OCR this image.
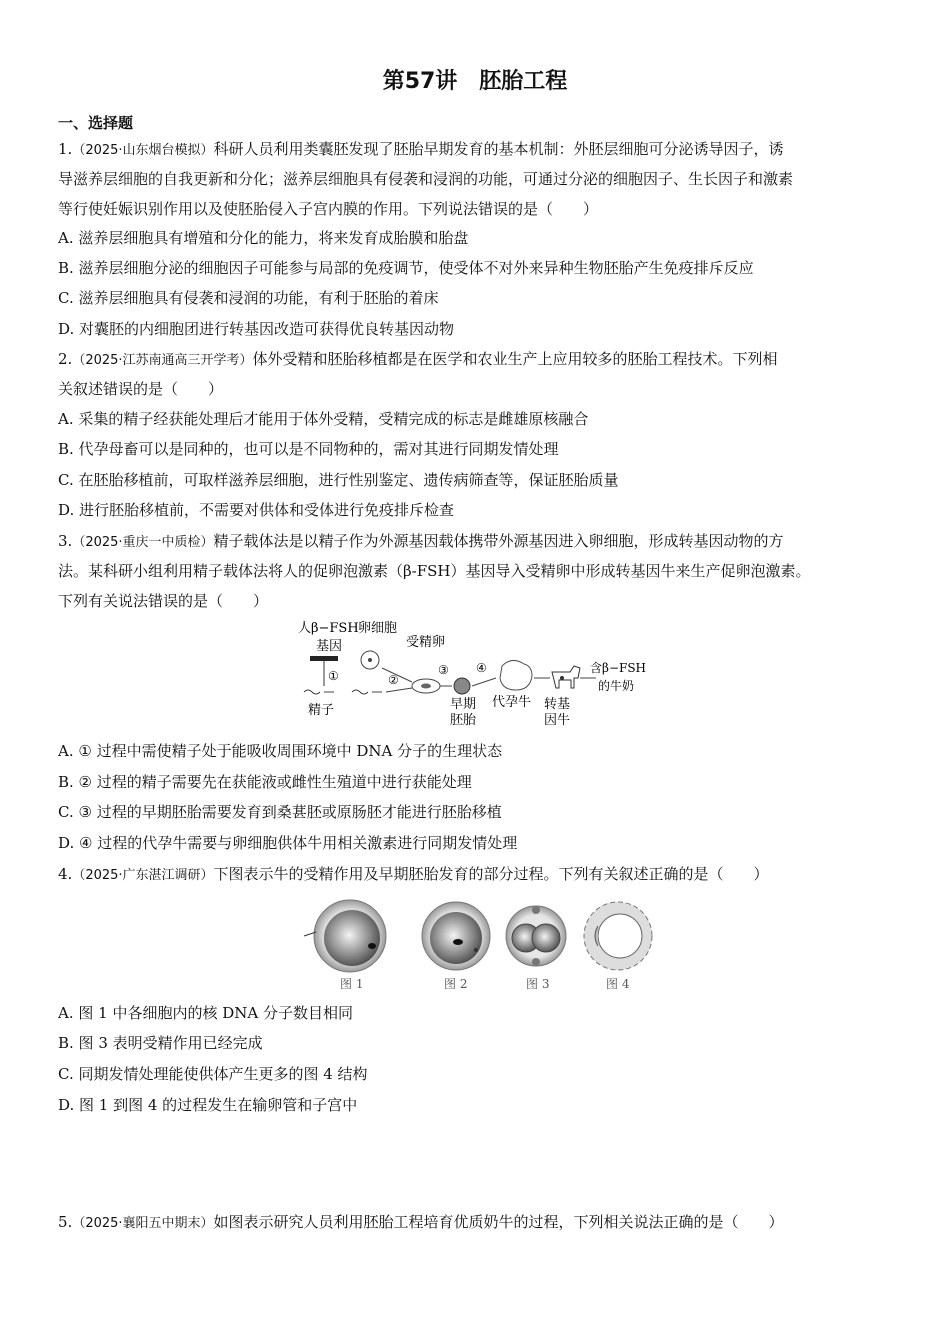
第57讲　胚胎工程
一、选择题
1.（2025·山东烟台模拟）科研人员利用类囊胚发现了胚胎早期发育的基本机制：外胚层细胞可分泌诱导因子，诱
导滋养层细胞的自我更新和分化；滋养层细胞具有侵袭和浸润的功能，可通过分泌的细胞因子、生长因子和激素
等行使妊娠识别作用以及使胚胎侵入子宫内膜的作用。下列说法错误的是（　　）
A. 滋养层细胞具有增殖和分化的能力，将来发育成胎膜和胎盘
B. 滋养层细胞分泌的细胞因子可能参与局部的免疫调节，使受体不对外来异种生物胚胎产生免疫排斥反应
C. 滋养层细胞具有侵袭和浸润的功能，有利于胚胎的着床
D. 对囊胚的内细胞团进行转基因改造可获得优良转基因动物
2.（2025·江苏南通高三开学考）体外受精和胚胎移植都是在医学和农业生产上应用较多的胚胎工程技术。下列相
关叙述错误的是（　　）
A. 采集的精子经获能处理后才能用于体外受精，受精完成的标志是雌雄原核融合
B. 代孕母畜可以是同种的，也可以是不同物种的，需对其进行同期发情处理
C. 在胚胎移植前，可取样滋养层细胞，进行性别鉴定、遗传病筛查等，保证胚胎质量
D. 进行胚胎移植前，不需要对供体和受体进行免疫排斥检查
3.（2025·重庆一中质检）精子载体法是以精子作为外源基因载体携带外源基因进入卵细胞，形成转基因动物的方
法。某科研小组利用精子载体法将人的促卵泡激素（β-FSH）基因导入受精卵中形成转基因牛来生产促卵泡激素。
下列有关说法错误的是（　　）
人β−FSH
基因
①
精子
卵细胞
②
受精卵
③
早期
胚胎
④
代孕牛 转基
因牛
含β−FSH
的牛奶
A. ① 过程中需使精子处于能吸收周围环境中 DNA 分子的生理状态
B. ② 过程的精子需要先在获能液或雌性生殖道中进行获能处理
C. ③ 过程的早期胚胎需要发育到桑葚胚或原肠胚才能进行胚胎移植
D. ④ 过程的代孕牛需要与卵细胞供体牛用相关激素进行同期发情处理
4.（2025·广东湛江调研）下图表示牛的受精作用及早期胚胎发育的部分过程。下列有关叙述正确的是（　　）
图 1	图 2	图 3	图 4
A. 图 1 中各细胞内的核 DNA 分子数目相同
B. 图 3 表明受精作用已经完成
C. 同期发情处理能使供体产生更多的图 4 结构
D. 图 1 到图 4 的过程发生在输卵管和子宫中
5.（2025·襄阳五中期末）如图表示研究人员利用胚胎工程培育优质奶牛的过程，下列相关说法正确的是（　　）
